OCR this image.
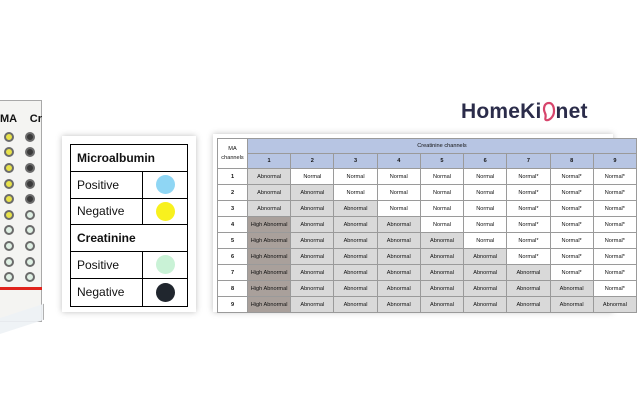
MA Cr
Microalbumin
Positive
Negative
Creatinine
Positive
Negative
HomeKi net
MA
channels	Creatinine channels								
	1	2	3	4	5	6	7	8	9
1	Abnormal	Normal	Normal	Normal	Normal	Normal	Normal*	Normal*	Normal*
2	Abnormal	Abnormal	Normal	Normal	Normal	Normal	Normal*	Normal*	Normal*
3	Abnormal	Abnormal	Abnormal	Normal	Normal	Normal	Normal*	Normal*	Normal*
4	High Abnormal	Abnormal	Abnormal	Abnormal	Normal	Normal	Normal*	Normal*	Normal*
5	High Abnormal	Abnormal	Abnormal	Abnormal	Abnormal	Normal	Normal*	Normal*	Normal*
6	High Abnormal	Abnormal	Abnormal	Abnormal	Abnormal	Abnormal	Normal*	Normal*	Normal*
7	High Abnormal	Abnormal	Abnormal	Abnormal	Abnormal	Abnormal	Abnormal	Normal*	Normal*
8	High Abnormal	Abnormal	Abnormal	Abnormal	Abnormal	Abnormal	Abnormal	Abnormal	Normal*
9	High Abnormal	Abnormal	Abnormal	Abnormal	Abnormal	Abnormal	Abnormal	Abnormal	Abnormal
